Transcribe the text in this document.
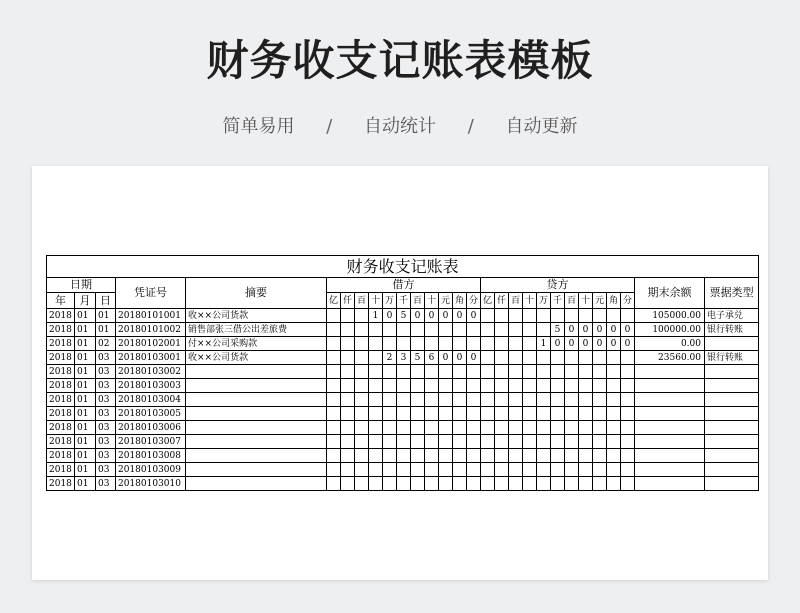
财务收支记账表模板
简单易用 / 自动统计 / 自动更新
财务收支记账表																												
日期			凭证号	摘要	借方											贷方											期末余额	票据类型
年	月	日			亿	仟	百	十	万	千	百	十	元	角	分	亿	仟	百	十	万	千	百	十	元	角	分		
2018	01	01	20180101001	收××公司货款				1	0	5	0	0	0	0	0												105000.00	电子承兑
2018	01	01	20180101002	销售部张三借公出差旅费																	5	0	0	0	0	0	100000.00	银行转账
2018	01	02	20180102001	付××公司采购款																1	0	0	0	0	0	0	0.00	
2018	01	03	20180103001	收××公司货款					2	3	5	6	0	0	0												23560.00	银行转账
2018	01	03	20180103002																									
2018	01	03	20180103003																									
2018	01	03	20180103004																									
2018	01	03	20180103005																									
2018	01	03	20180103006																									
2018	01	03	20180103007																									
2018	01	03	20180103008																									
2018	01	03	20180103009																									
2018	01	03	20180103010																									
